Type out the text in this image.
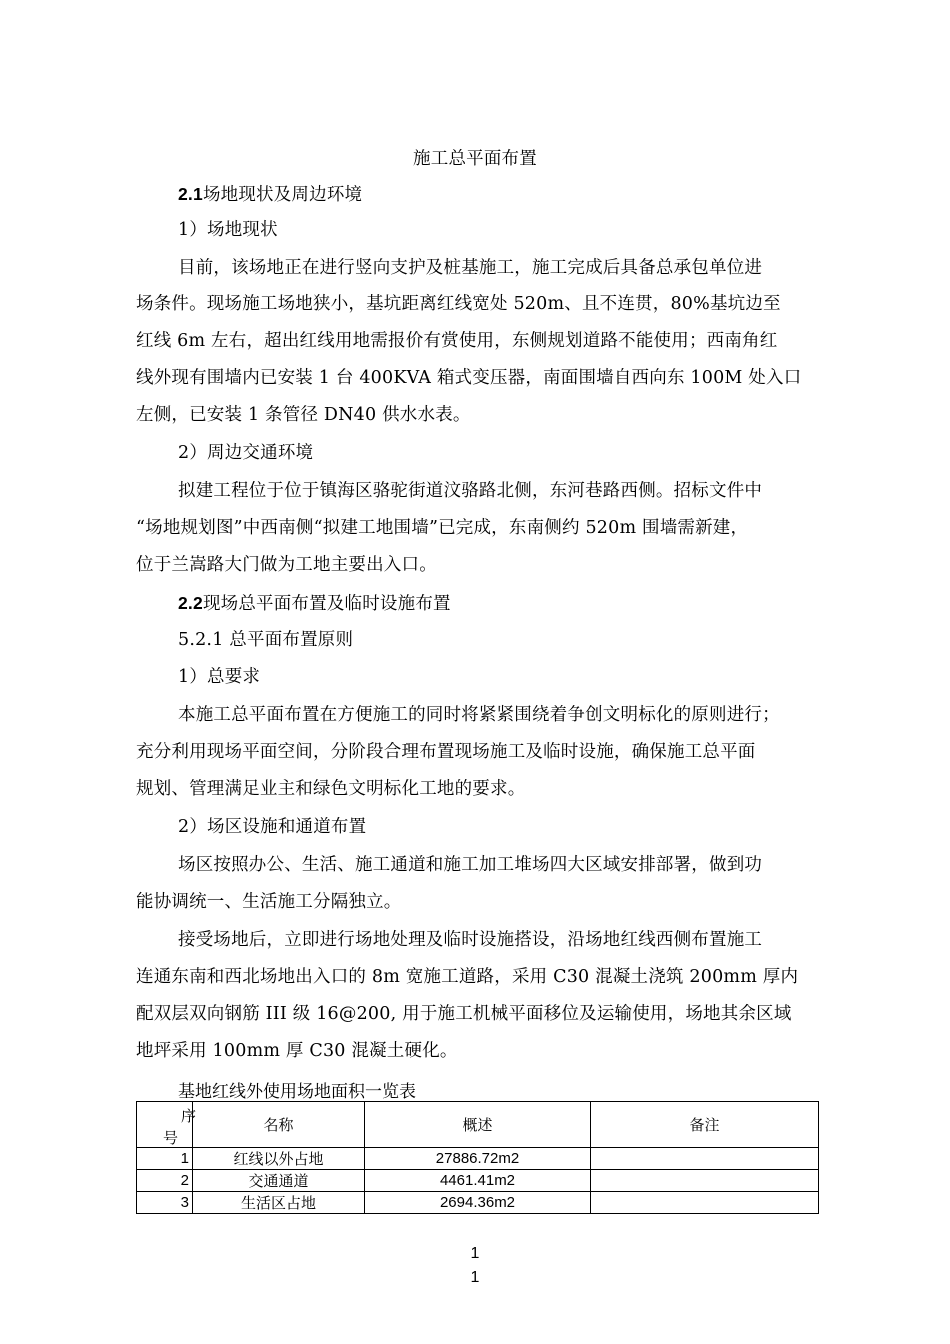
施工总平面布置
2.1场地现状及周边环境
1）场地现状
目前，该场地正在进行竖向支护及桩基施工，施工完成后具备总承包单位进
场条件。现场施工场地狭小，基坑距离红线宽处 520m、且不连贯，80%基坑边至
红线 6m 左右，超出红线用地需报价有赏使用，东侧规划道路不能使用；西南角红
线外现有围墙内已安装 1 台 400KVA 箱式变压器，南面围墙自西向东 100M 处入口
左侧，已安装 1 条管径 DN40 供水水表。
2）周边交通环境
拟建工程位于位于镇海区骆驼街道汶骆路北侧，东河巷路西侧。招标文件中
“场地规划图”中西南侧“拟建工地围墙”已完成，东南侧约 520m 围墙需新建，
位于兰嵩路大门做为工地主要出入口。
2.2现场总平面布置及临时设施布置
5.2.1 总平面布置原则
1）总要求
本施工总平面布置在方便施工的同时将紧紧围绕着争创文明标化的原则进行；
充分利用现场平面空间，分阶段合理布置现场施工及临时设施，确保施工总平面
规划、管理满足业主和绿色文明标化工地的要求。
2）场区设施和通道布置
场区按照办公、生活、施工通道和施工加工堆场四大区域安排部署，做到功
能协调统一、生活施工分隔独立。
接受场地后，立即进行场地处理及临时设施搭设，沿场地红线西侧布置施工
连通东南和西北场地出入口的 8m 宽施工道路，采用 C30 混凝土浇筑 200mm 厚内
配双层双向钢筋 III 级 16@200, 用于施工机械平面移位及运输使用，场地其余区域
地坪采用 100mm 厚 C30 混凝土硬化。
基地红线外使用场地面积一览表
序
号	名称	概述	备注
1	红线以外占地	27886.72m2	
2	交通通道	4461.41m2	
3	生活区占地	2694.36m2	
1
1
